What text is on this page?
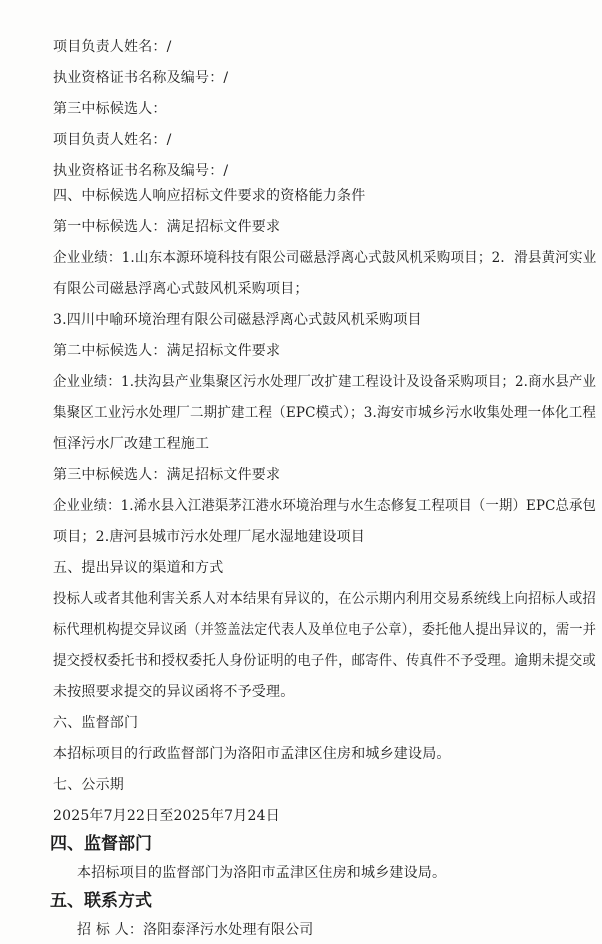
项目负责人姓名：/
执业资格证书名称及编号：/
第三中标候选人：
项目负责人姓名：/
执业资格证书名称及编号：/
四、中标候选人响应招标文件要求的资格能力条件
第一中标候选人：满足招标文件要求
企业业绩：1.山东本源环境科技有限公司磁悬浮离心式鼓风机采购项目；2．滑县黄河实业
有限公司磁悬浮离心式鼓风机采购项目；
3.四川中喻环境治理有限公司磁悬浮离心式鼓风机采购项目
第二中标候选人：满足招标文件要求
企业业绩：1.扶沟县产业集聚区污水处理厂改扩建工程设计及设备采购项目；2.商水县产业
集聚区工业污水处理厂二期扩建工程（EPC模式）；3.海安市城乡污水收集处理一体化工程
恒泽污水厂改建工程施工
第三中标候选人：满足招标文件要求
企业业绩：1.浠水县入江港渠茅江港水环境治理与水生态修复工程项目（一期）EPC总承包
项目；2.唐河县城市污水处理厂尾水湿地建设项目
五、提出异议的渠道和方式
投标人或者其他利害关系人对本结果有异议的，在公示期内利用交易系统线上向招标人或招
标代理机构提交异议函（并签盖法定代表人及单位电子公章），委托他人提出异议的，需一并
提交授权委托书和授权委托人身份证明的电子件，邮寄件、传真件不予受理。逾期未提交或
未按照要求提交的异议函将不予受理。
六、监督部门
本招标项目的行政监督部门为洛阳市孟津区住房和城乡建设局。
七、公示期
2025年7月22日至2025年7月24日
四、监督部门
本招标项目的监督部门为洛阳市孟津区住房和城乡建设局。
五、联系方式
招 标 人：洛阳泰泽污水处理有限公司
